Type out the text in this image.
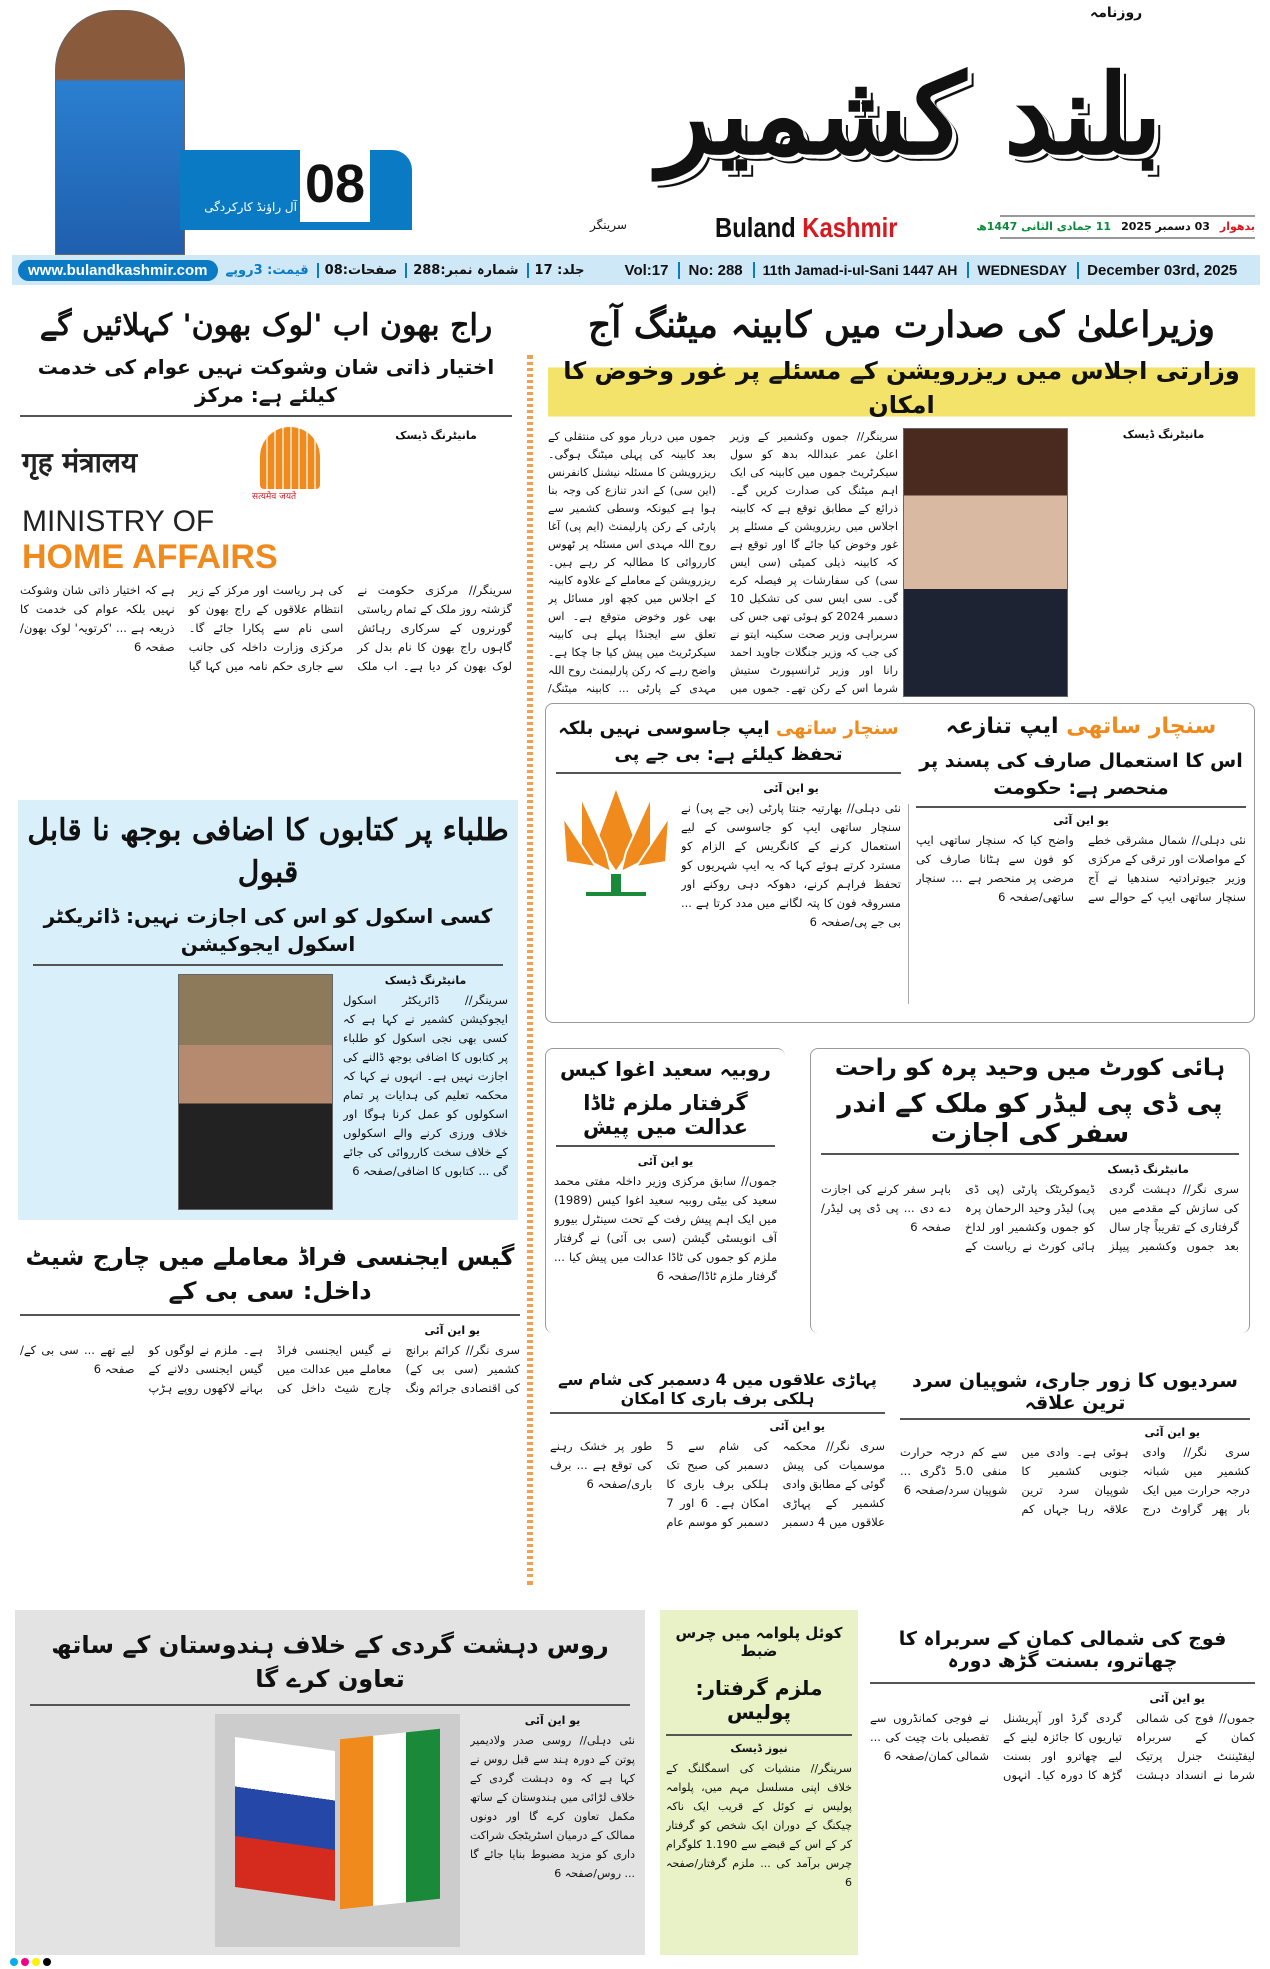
08
آل راؤنڈ کارکردگی
روزنامہ
بلند کشمیر
سرینگر	Buland Kashmir	بدھوار
03 دسمبر 2025
11 جمادی الثانی 1447ھ
www.bulandkashmir.com	قیمت: 3روپے	صفحات:08	شمارہ نمبر:288	جلد: 17	Vol:17	No: 288	11th Jamad-i-ul-Sani 1447 AH	WEDNESDAY	December 03rd, 2025
وزیراعلیٰ کی صدارت میں کابینہ میٹنگ آج
وزارتی اجلاس میں ریزرویشن کے مسئلے پر غور وخوض کا امکان
مانیٹرنگ ڈیسک
سرینگر// جموں وکشمیر کے وزیر اعلیٰ عمر عبداللہ بدھ کو سول سیکرٹریٹ جموں میں کابینہ کی ایک اہم میٹنگ کی صدارت کریں گے۔ ذرائع کے مطابق توقع ہے کہ کابینہ اجلاس میں ریزرویشن کے مسئلے پر غور وخوض کیا جائے گا اور توقع ہے کہ کابینہ ذیلی کمیٹی (سی ایس سی) کی سفارشات پر فیصلہ کرے گی۔ سی ایس سی کی تشکیل 10 دسمبر 2024 کو ہوئی تھی جس کی سربراہی وزیر صحت سکینہ ایتو نے کی جب کہ وزیر جنگلات جاوید احمد رانا اور وزیر ٹرانسپورٹ ستیش شرما اس کے رکن تھے۔ جموں میں جموں میں دربار موو کی منتقلی کے بعد کابینہ کی پہلی میٹنگ ہوگی۔ ریزرویشن کا مسئلہ نیشنل کانفرنس (این سی) کے اندر تنازع کی وجہ بنا ہوا ہے کیونکہ وسطی کشمیر سے پارٹی کے رکن پارلیمنٹ (ایم پی) آغا روح اللہ مہدی اس مسئلہ پر ٹھوس کارروائی کا مطالبہ کر رہے ہیں۔ ریزرویشن کے معاملے کے علاوہ کابینہ کے اجلاس میں کچھ اور مسائل پر بھی غور وخوض متوقع ہے۔ اس تعلق سے ایجنڈا پہلے ہی کابینہ سیکرٹریٹ میں پیش کیا جا چکا ہے۔ واضح رہے کہ رکن پارلیمنٹ روح اللہ مہدی کے پارٹی ... کابینہ میٹنگ/
سنچار ساتھی ایپ تنازعہ
اس کا استعمال صارف کی پسند پر منحصر ہے: حکومت
یو این آئی
نئی دہلی// شمال مشرقی خطے کے مواصلات اور ترقی کے مرکزی وزیر جیوترادتیہ سندھیا نے آج سنچار ساتھی ایپ کے حوالے سے واضح کیا کہ سنچار ساتھی ایپ کو فون سے ہٹانا صارف کی مرضی پر منحصر ہے ... سنچار ساتھی/صفحہ 6
سنچار ساتھی ایپ جاسوسی نہیں بلکہ تحفظ کیلئے ہے: بی جے پی
یو این آئی
نئی دہلی// بھارتیہ جنتا پارٹی (بی جے پی) نے سنچار ساتھی ایپ کو جاسوسی کے لیے استعمال کرنے کے کانگریس کے الزام کو مسترد کرتے ہوئے کہا کہ یہ ایپ شہریوں کو تحفظ فراہم کرنے، دھوکہ دہی روکنے اور مسروقہ فون کا پتہ لگانے میں مدد کرتا ہے ... بی جے پی/صفحہ 6
روبیہ سعید اغوا کیس
گرفتار ملزم ٹاڈا عدالت میں پیش
یو این آئی
جموں// سابق مرکزی وزیر داخلہ مفتی محمد سعید کی بیٹی روبیہ سعید اغوا کیس (1989) میں ایک اہم پیش رفت کے تحت سینٹرل بیورو آف انویسٹی گیشن (سی بی آئی) نے گرفتار ملزم کو جموں کی ٹاڈا عدالت میں پیش کیا ... گرفتار ملزم ٹاڈا/صفحہ 6
ہائی کورٹ میں وحید پرہ کو راحت
پی ڈی پی لیڈر کو ملک کے اندر سفر کی اجازت
مانیٹرنگ ڈیسک
سری نگر// دہشت گردی کی سازش کے مقدمے میں گرفتاری کے تقریباً چار سال بعد جموں وکشمیر پیپلز ڈیموکریٹک پارٹی (پی ڈی پی) لیڈر وحید الرحمان پرہ کو جموں وکشمیر اور لداخ ہائی کورٹ نے ریاست کے باہر سفر کرنے کی اجازت دے دی ... پی ڈی پی لیڈر/صفحہ 6
پہاڑی علاقوں میں 4 دسمبر کی شام سے ہلکی برف باری کا امکان
یو این آئی
سری نگر// محکمہ موسمیات کی پیش گوئی کے مطابق وادی کشمیر کے پہاڑی علاقوں میں 4 دسمبر کی شام سے 5 دسمبر کی صبح تک ہلکی برف باری کا امکان ہے۔ 6 اور 7 دسمبر کو موسم عام طور پر خشک رہنے کی توقع ہے ... برف باری/صفحہ 6
سردیوں کا زور جاری، شوپیان سرد ترین علاقہ
یو این آئی
سری نگر// وادی کشمیر میں شبانہ درجہ حرارت میں ایک بار پھر گراوٹ درج ہوئی ہے۔ وادی میں جنوبی کشمیر کا شوپیان سرد ترین علاقہ رہا جہاں کم سے کم درجہ حرارت منفی 5.0 ڈگری ... شوپیان سرد/صفحہ 6
راج بھون اب 'لوک بھون' کہلائیں گے
اختیار ذاتی شان وشوکت نہیں عوام کی خدمت کیلئے ہے: مرکز
सत्यमेव जयते
गृह मंत्रालय
MINISTRY OF
HOME AFFAIRS
مانیٹرنگ ڈیسک
سرینگر// مرکزی حکومت نے گزشتہ روز ملک کے تمام ریاستی گورنروں کے سرکاری رہائش گاہوں راج بھون کا نام بدل کر لوک بھون کر دیا ہے۔ اب ملک کی ہر ریاست اور مرکز کے زیر انتظام علاقوں کے راج بھون کو اسی نام سے پکارا جائے گا۔ مرکزی وزارت داخلہ کی جانب سے جاری حکم نامہ میں کہا گیا ہے کہ اختیار ذاتی شان وشوکت نہیں بلکہ عوام کی خدمت کا ذریعہ ہے ... 'کرتویہ' لوک بھون/صفحہ 6
طلباء پر کتابوں کا اضافی بوجھ نا قابل قبول
کسی اسکول کو اس کی اجازت نہیں: ڈائریکٹر اسکول ایجوکیشن
مانیٹرنگ ڈیسک
سرینگر// ڈائریکٹر اسکول ایجوکیشن کشمیر نے کہا ہے کہ کسی بھی نجی اسکول کو طلباء پر کتابوں کا اضافی بوجھ ڈالنے کی اجازت نہیں ہے۔ انہوں نے کہا کہ محکمہ تعلیم کی ہدایات پر تمام اسکولوں کو عمل کرنا ہوگا اور خلاف ورزی کرنے والے اسکولوں کے خلاف سخت کارروائی کی جائے گی ... کتابوں کا اضافی/صفحہ 6
گیس ایجنسی فراڈ معاملے میں چارج شیٹ داخل: سی بی کے
یو این آئی
سری نگر// کرائم برانچ کشمیر (سی بی کے) کی اقتصادی جرائم ونگ نے گیس ایجنسی فراڈ معاملے میں عدالت میں چارج شیٹ داخل کی ہے۔ ملزم نے لوگوں کو گیس ایجنسی دلانے کے بہانے لاکھوں روپے ہڑپ لیے تھے ... سی بی کے/صفحہ 6
روس دہشت گردی کے خلاف ہندوستان کے ساتھ تعاون کرے گا
یو این آئی
نئی دہلی// روسی صدر ولادیمیر پوتن کے دورہ ہند سے قبل روس نے کہا ہے کہ وہ دہشت گردی کے خلاف لڑائی میں ہندوستان کے ساتھ مکمل تعاون کرے گا اور دونوں ممالک کے درمیان اسٹریٹجک شراکت داری کو مزید مضبوط بنایا جائے گا ... روس/صفحہ 6
کوئل پلوامہ میں چرس ضبط
ملزم گرفتار: پولیس
نیوز ڈیسک
سرینگر// منشیات کی اسمگلنگ کے خلاف اپنی مسلسل مہم میں، پلوامہ پولیس نے کوئل کے قریب ایک ناکہ چیکنگ کے دوران ایک شخص کو گرفتار کر کے اس کے قبضے سے 1.190 کلوگرام چرس برآمد کی ... ملزم گرفتار/صفحہ 6
فوج کی شمالی کمان کے سربراہ کا چھاترو، بسنت گڑھ دورہ
یو این آئی
جموں// فوج کی شمالی کمان کے سربراہ لیفٹیننٹ جنرل پرتیک شرما نے انسداد دہشت گردی گرڈ اور آپریشنل تیاریوں کا جائزہ لینے کے لیے چھاترو اور بسنت گڑھ کا دورہ کیا۔ انہوں نے فوجی کمانڈروں سے تفصیلی بات چیت کی ... شمالی کمان/صفحہ 6
